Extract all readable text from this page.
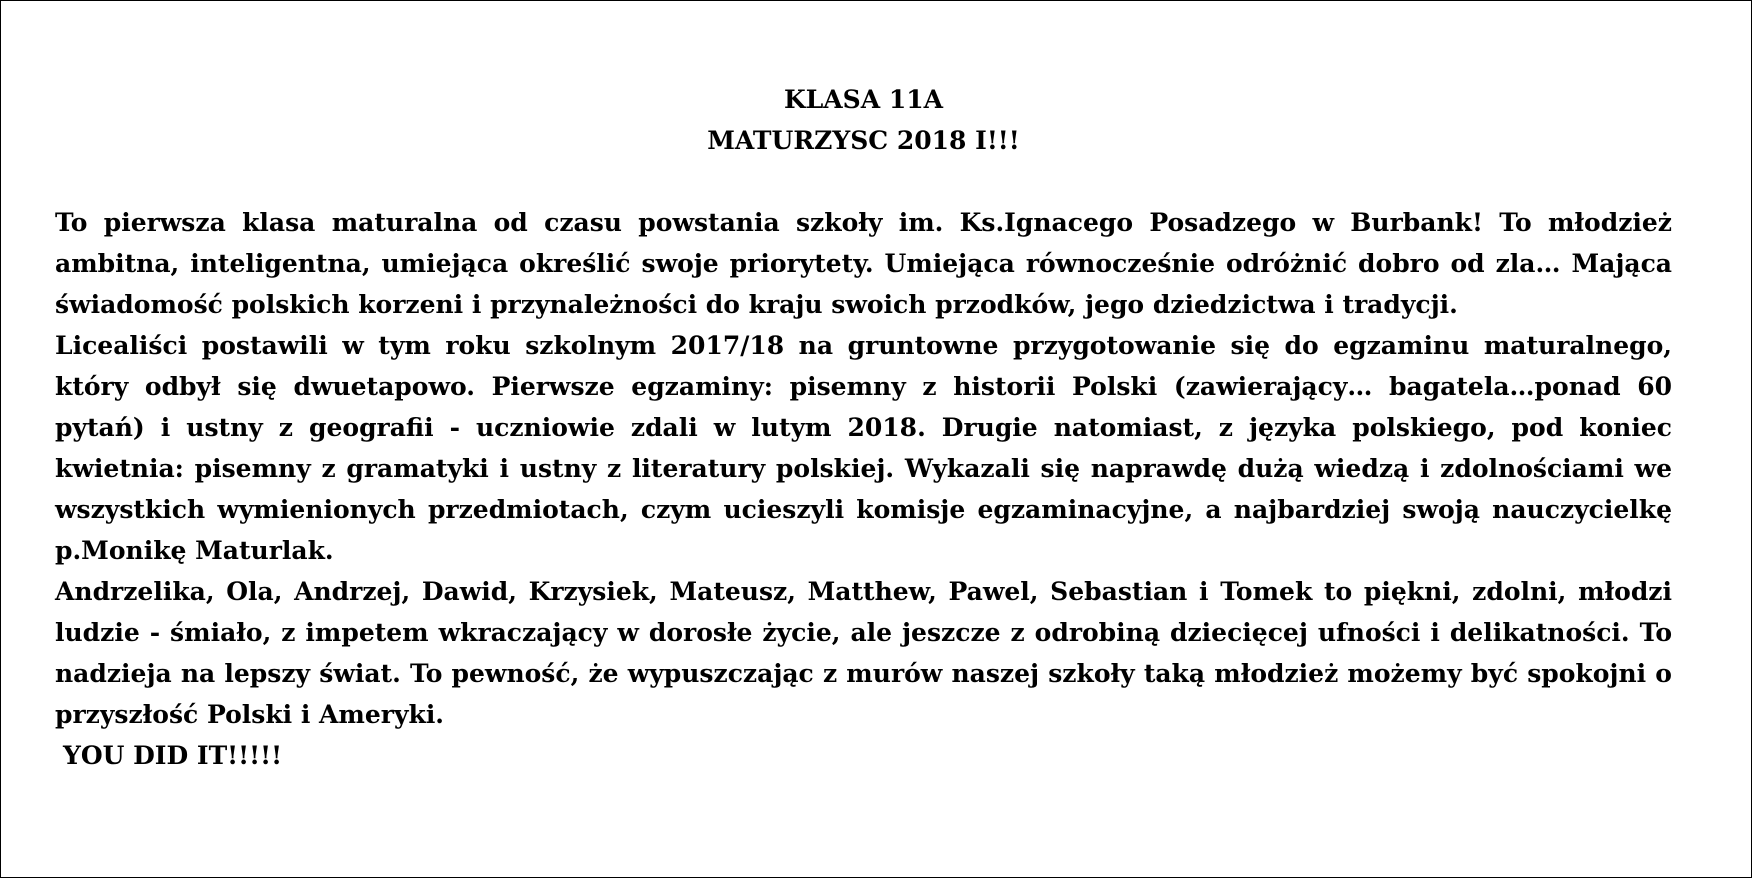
KLASA 11A

MATURZYSC 2018 I!!!

To pierwsza klasa maturalna od czasu powstania szkoły im. Ks.Ignacego Posadzego w Burbank! To młodzież ambitna, inteligentna, umiejąca określić swoje priorytety. Umiejąca równocześnie odróżnić dobro od zla… Mająca świadomość polskich korzeni i przynależności do kraju swoich przodków, jego dziedzictwa i tradycji.

Licealiści postawili w tym roku szkolnym 2017/18 na gruntowne przygotowanie się do egzaminu maturalnego, który odbył się dwuetapowo. Pierwsze egzaminy: pisemny z historii Polski (zawierający… bagatela…ponad 60 pytań) i ustny z geografii - uczniowie zdali w lutym 2018. Drugie natomiast, z języka polskiego, pod koniec kwietnia: pisemny z gramatyki i ustny z literatury polskiej. Wykazali się naprawdę dużą wiedzą i zdolnościami we wszystkich wymienionych przedmiotach, czym ucieszyli komisje egzaminacyjne, a najbardziej swoją nauczycielkę p.Monikę Maturlak.

Andrzelika, Ola, Andrzej, Dawid, Krzysiek, Mateusz, Matthew, Pawel, Sebastian i Tomek to piękni, zdolni, młodzi ludzie - śmiało, z impetem wkraczający w dorosłe życie, ale jeszcze z odrobiną dziecięcej ufności i delikatności. To nadzieja na lepszy świat. To pewność, że wypuszczając z murów naszej szkoły taką młodzież możemy być spokojni o przyszłość Polski i Ameryki.

YOU DID IT!!!!!
